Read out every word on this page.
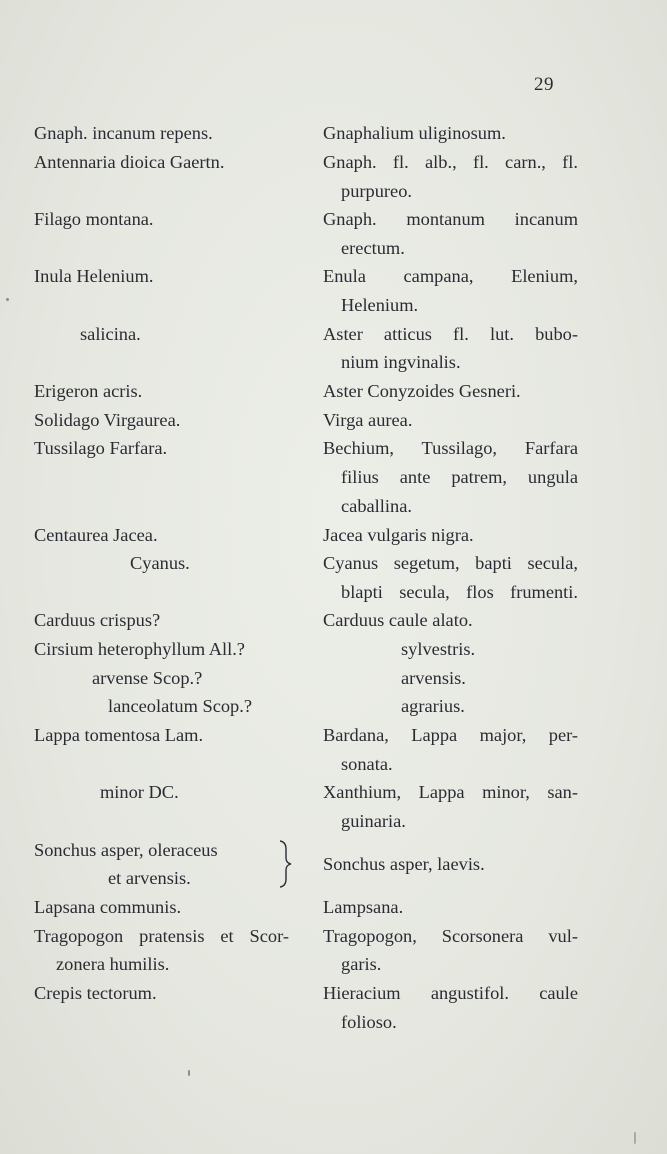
29
Gnaph. incanum repens.
Antennaria dioica Gaertn.
Filago montana.
Inula Helenium.
salicina.
Erigeron acris.
Solidago Virgaurea.
Tussilago Farfara.
Centaurea Jacea.
Cyanus.
Carduus crispus?
Cirsium heterophyllum All.?
arvense Scop.?
lanceolatum Scop.?
Lappa tomentosa Lam.
minor DC.
Sonchus asper, oleraceus
et arvensis.
Lapsana communis.
Tragopogon pratensis et Scor-
zonera humilis.
Crepis tectorum.
Gnaphalium uliginosum.
Gnaph. fl. alb., fl. carn., fl.
purpureo.
Gnaph. montanum incanum
erectum.
Enula campana, Elenium,
Helenium.
Aster atticus fl. lut. bubo-
nium ingvinalis.
Aster Conyzoides Gesneri.
Virga aurea.
Bechium, Tussilago, Farfara
filius ante patrem, ungula
caballina.
Jacea vulgaris nigra.
Cyanus segetum, bapti secula,
blapti secula, flos frumenti.
Carduus caule alato.
sylvestris.
arvensis.
agrarius.
Bardana, Lappa major, per-
sonata.
Xanthium, Lappa minor, san-
guinaria.
Sonchus asper, laevis.
Lampsana.
Tragopogon, Scorsonera vul-
garis.
Hieracium angustifol. caule
folioso.
